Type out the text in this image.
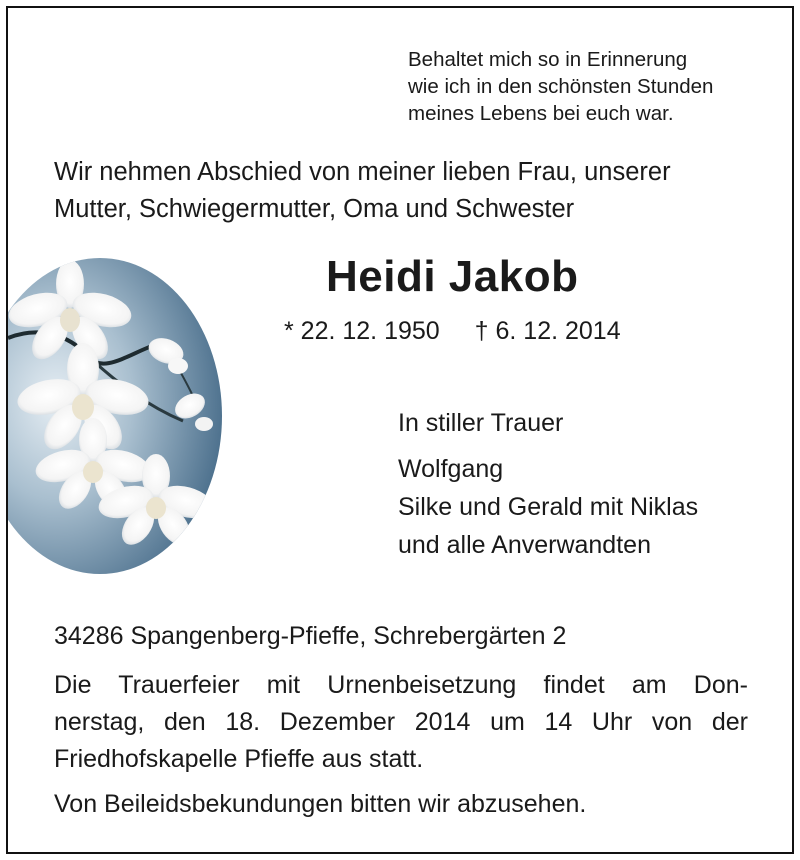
Behaltet mich so in Erinnerung
wie ich in den schönsten Stunden
meines Lebens bei euch war.
Wir nehmen Abschied von meiner lieben Frau, unserer
Mutter, Schwiegermutter, Oma und Schwester
Heidi Jakob
* 22. 12. 1950 † 6. 12. 2014
In stiller Trauer
Wolfgang
Silke und Gerald mit Niklas
und alle Anverwandten
34286 Spangenberg-Pfieffe, Schrebergärten 2
Die Trauerfeier mit Urnenbeisetzung findet am Don-
nerstag, den 18. Dezember 2014 um 14 Uhr von der
Friedhofskapelle Pfieffe aus statt.
Von Beileidsbekundungen bitten wir abzusehen.
